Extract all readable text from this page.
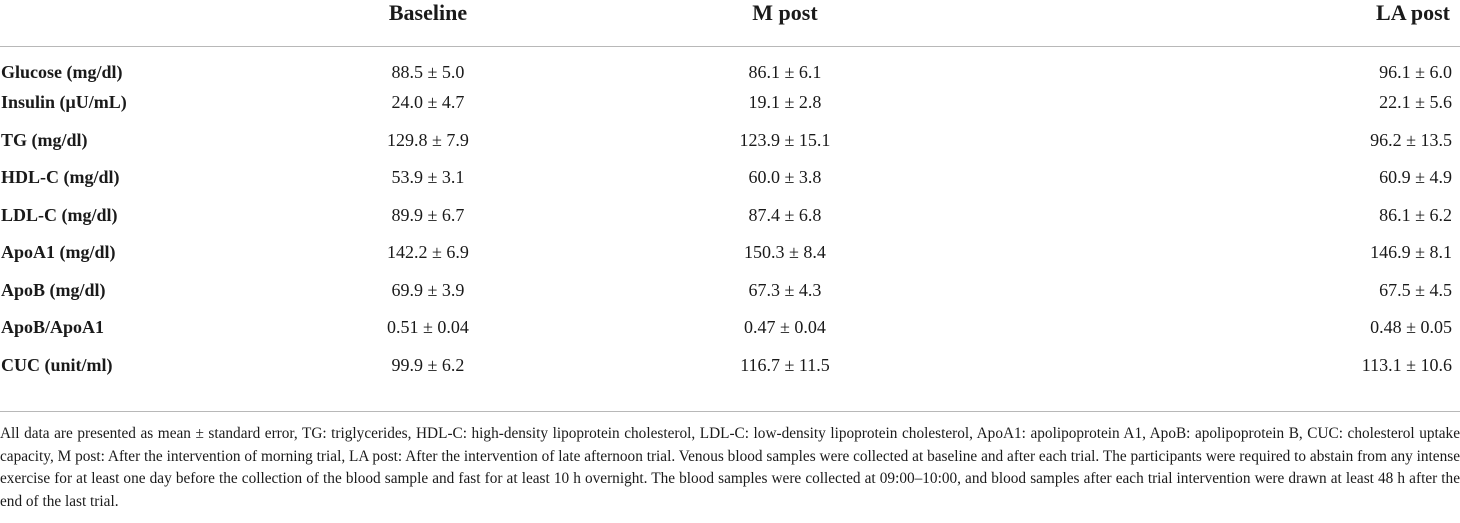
	Baseline	M post	LA post
Glucose (mg/dl)	88.5 ± 5.0	86.1 ± 6.1	96.1 ± 6.0
Insulin (μU/mL)	24.0 ± 4.7	19.1 ± 2.8	22.1 ± 5.6
TG (mg/dl)	129.8 ± 7.9	123.9 ± 15.1	96.2 ± 13.5
HDL-C (mg/dl)	53.9 ± 3.1	60.0 ± 3.8	60.9 ± 4.9
LDL-C (mg/dl)	89.9 ± 6.7	87.4 ± 6.8	86.1 ± 6.2
ApoA1 (mg/dl)	142.2 ± 6.9	150.3 ± 8.4	146.9 ± 8.1
ApoB (mg/dl)	69.9 ± 3.9	67.3 ± 4.3	67.5 ± 4.5
ApoB/ApoA1	0.51 ± 0.04	0.47 ± 0.04	0.48 ± 0.05
CUC (unit/ml)	99.9 ± 6.2	116.7 ± 11.5	113.1 ± 10.6

All data are presented as mean ± standard error, TG: triglycerides, HDL-C: high-density lipoprotein cholesterol, LDL-C: low-density lipoprotein cholesterol, ApoA1: apolipoprotein A1, ApoB: apolipoprotein B, CUC: cholesterol uptake capacity, M post: After the intervention of morning trial, LA post: After the intervention of late afternoon trial. Venous blood samples were collected at baseline and after each trial. The participants were required to abstain from any intense exercise for at least one day before the collection of the blood sample and fast for at least 10 h overnight. The blood samples were collected at 09:00–10:00, and blood samples after each trial intervention were drawn at least 48 h after the end of the last trial.
